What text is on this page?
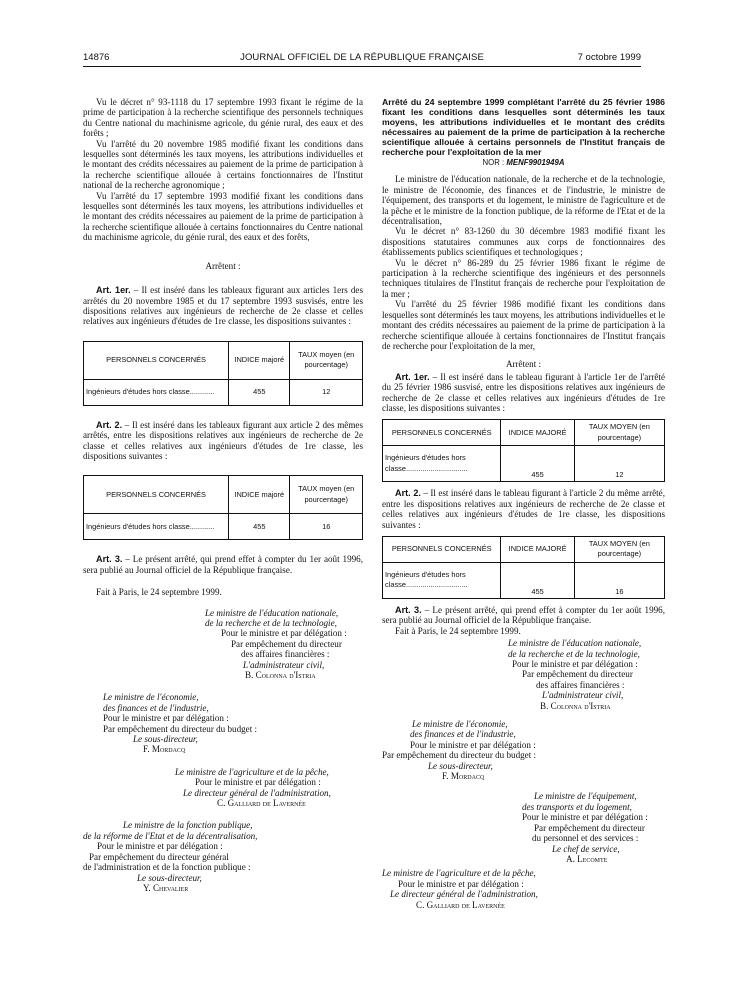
14876	JOURNAL OFFICIEL DE LA RÉPUBLIQUE FRANÇAISE	7 octobre 1999

Vu le décret n° 93-1118 du 17 septembre 1993 fixant le régime de la prime de participation à la recherche scientifique des personnels techniques du Centre national du machinisme agricole, du génie rural, des eaux et des forêts ;

Vu l'arrêté du 20 novembre 1985 modifié fixant les conditions dans lesquelles sont déterminés les taux moyens, les attributions individuelles et le montant des crédits nécessaires au paiement de la prime de participation à la recherche scientifique allouée à certains fonctionnaires de l'Institut national de la recherche agronomique ;

Vu l'arrêté du 17 septembre 1993 modifié fixant les conditions dans lesquelles sont déterminés les taux moyens, les attributions individuelles et le montant des crédits nécessaires au paiement de la prime de participation à la recherche scientifique allouée à certains fonctionnaires du Centre national du machinisme agricole, du génie rural, des eaux et des forêts,

Arrêtent :

Art. 1er. – Il est inséré dans les tableaux figurant aux articles 1ers des arrêtés du 20 novembre 1985 et du 17 septembre 1993 susvisés, entre les dispositions relatives aux ingénieurs de recherche de 2e classe et celles relatives aux ingénieurs d'études de 1re classe, les dispositions suivantes :

PERSONNELS CONCERNÉS	INDICE majoré	TAUX moyen (en pourcentage)
Ingénieurs d'études hors classe............	455	12

Art. 2. – Il est inséré dans les tableaux figurant aux article 2 des mêmes arrêtés, entre les dispositions relatives aux ingénieurs de recherche de 2e classe et celles relatives aux ingénieurs d'études de 1re classe, les dispositions suivantes :

PERSONNELS CONCERNÉS	INDICE majoré	TAUX moyen (en pourcentage)
Ingénieurs d'études hors classe............	455	16

Art. 3. – Le présent arrêté, qui prend effet à compter du 1er août 1996, sera publié au Journal officiel de la République française.

Fait à Paris, le 24 septembre 1999.

Le ministre de l'éducation nationale,
de la recherche et de la technologie,
Pour le ministre et par délégation :
Par empêchement du directeur
des affaires financières :
L'administrateur civil,
B. Colonna d'Istria
Le ministre de l'économie,
des finances et de l'industrie,
Pour le ministre et par délégation :
Par empêchement du directeur du budget :
Le sous-directeur,
F. Mordacq
Le ministre de l'agriculture et de la pêche,
Pour le ministre et par délégation :
Le directeur général de l'administration,
C. Galliard de Lavernée
Le ministre de la fonction publique,
de la réforme de l'Etat et de la décentralisation,
Pour le ministre et par délégation :
Par empêchement du directeur général
de l'administration et de la fonction publique :
Le sous-directeur,
Y. Chevalier

Arrêté du 24 septembre 1999 complétant l'arrêté du 25 février 1986 fixant les conditions dans lesquelles sont déterminés les taux moyens, les attributions individuelles et le montant des crédits nécessaires au paiement de la prime de participation à la recherche scientifique allouée à certains personnels de l'Institut français de recherche pour l'exploitation de la mer

NOR : MENF9901949A

Le ministre de l'éducation nationale, de la recherche et de la technologie, le ministre de l'économie, des finances et de l'industrie, le ministre de l'équipement, des transports et du logement, le ministre de l'agriculture et de la pêche et le ministre de la fonction publique, de la réforme de l'Etat et de la décentralisation,

Vu le décret n° 83-1260 du 30 décembre 1983 modifié fixant les dispositions statutaires communes aux corps de fonctionnaires des établissements publics scientifiques et technologiques ;

Vu le décret n° 86-289 du 25 février 1986 fixant le régime de participation à la recherche scientifique des ingénieurs et des personnels techniques titulaires de l'Institut français de recherche pour l'exploitation de la mer ;

Vu l'arrêté du 25 février 1986 modifié fixant les conditions dans lesquelles sont déterminés les taux moyens, les attributions individuelles et le montant des crédits nécessaires au paiement de la prime de participation à la recherche scientifique allouée à certains fonctionnaires de l'Institut français de recherche pour l'exploitation de la mer,

Arrêtent :

Art. 1er. – Il est inséré dans le tableau figurant à l'article 1er de l'arrêté du 25 février 1986 susvisé, entre les dispositions relatives aux ingénieurs de recherche de 2e classe et celles relatives aux ingénieurs d'études de 1re classe, les dispositions suivantes :

PERSONNELS CONCERNÉS	INDICE MAJORÉ	TAUX MOYEN (en pourcentage)
Ingénieurs d'études hors classe..............................	455	12

Art. 2. – Il est inséré dans le tableau figurant à l'article 2 du même arrêté, entre les dispositions relatives aux ingénieurs de recherche de 2e classe et celles relatives aux ingénieurs d'études de 1re classe, les dispositions suivantes :

PERSONNELS CONCERNÉS	INDICE MAJORÉ	TAUX MOYEN (en pourcentage)
Ingénieurs d'études hors classe..............................	455	16

Art. 3. – Le présent arrêté, qui prend effet à compter du 1er août 1996, sera publié au Journal officiel de la République française.

Fait à Paris, le 24 septembre 1999.

Le ministre de l'éducation nationale,
de la recherche et de la technologie,
Pour le ministre et par délégation :
Par empêchement du directeur
des affaires financières :
L'administrateur civil,
B. Colonna d'Istria
Le ministre de l'économie,
des finances et de l'industrie,
Pour le ministre et par délégation :
Par empêchement du directeur du budget :
Le sous-directeur,
F. Mordacq
Le ministre de l'équipement,
des transports et du logement,
Pour le ministre et par délégation :
Par empêchement du directeur
du personnel et des services :
Le chef de service,
A. Lecomte
Le ministre de l'agriculture et de la pêche,
Pour le ministre et par délégation :
Le directeur général de l'administration,
C. Galliard de Lavernée
